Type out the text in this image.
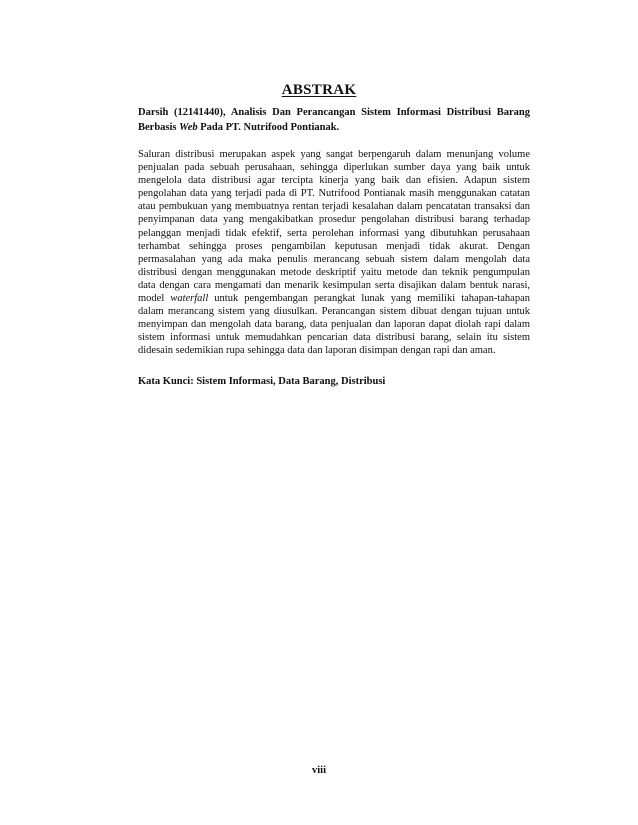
ABSTRAK

Darsih (12141440), Analisis Dan Perancangan Sistem Informasi Distribusi Barang Berbasis Web Pada PT. Nutrifood Pontianak.

Saluran distribusi merupakan aspek yang sangat berpengaruh dalam menunjang volume penjualan pada sebuah perusahaan, sehingga diperlukan sumber daya yang baik untuk mengelola data distribusi agar tercipta kinerja yang baik dan efisien. Adapun sistem pengolahan data yang terjadi pada di PT. Nutrifood Pontianak masih menggunakan catatan atau pembukuan yang membuatnya rentan terjadi kesalahan dalam pencatatan transaksi dan penyimpanan data yang mengakibatkan prosedur pengolahan distribusi barang terhadap pelanggan menjadi tidak efektif, serta perolehan informasi yang dibutuhkan perusahaan terhambat sehingga proses pengambilan keputusan menjadi tidak akurat. Dengan permasalahan yang ada maka penulis merancang sebuah sistem dalam mengolah data distribusi dengan menggunakan metode deskriptif yaitu metode dan teknik pengumpulan data dengan cara mengamati dan menarik kesimpulan serta disajikan dalam bentuk narasi, model waterfall untuk pengembangan perangkat lunak yang memiliki tahapan-tahapan dalam merancang sistem yang diusulkan. Perancangan sistem dibuat dengan tujuan untuk menyimpan dan mengolah data barang, data penjualan dan laporan dapat diolah rapi dalam sistem informasi untuk memudahkan pencarian data distribusi barang, selain itu sistem didesain sedemikian rupa sehingga data dan laporan disimpan dengan rapi dan aman.

Kata Kunci: Sistem Informasi, Data Barang, Distribusi

viii
